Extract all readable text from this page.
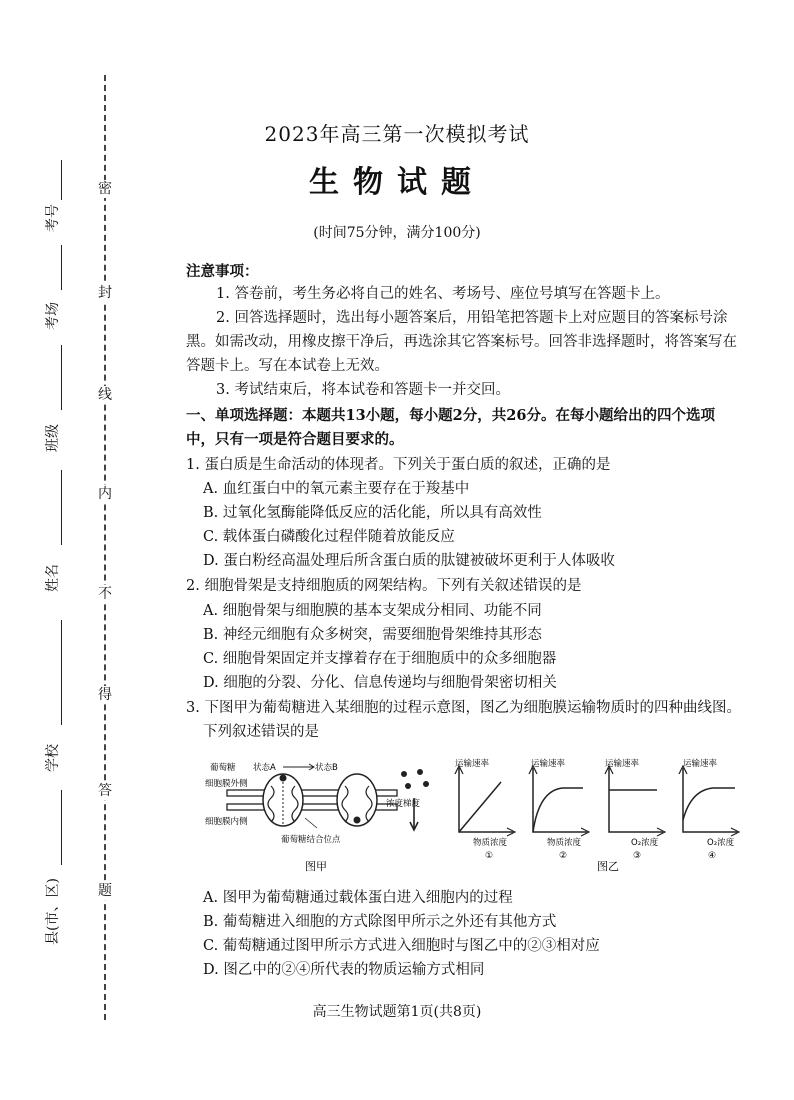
密
封
线
内
不
得
答
题
考号
考场
班级
姓名
学校
县(市、区)
2023年高三第一次模拟考试
生物试题
(时间75分钟，满分100分)
注意事项：
1. 答卷前，考生务必将自己的姓名、考场号、座位号填写在答题卡上。
2. 回答选择题时，选出每小题答案后，用铅笔把答题卡上对应题目的答案标号涂
黑。如需改动，用橡皮擦干净后，再选涂其它答案标号。回答非选择题时，将答案写在
答题卡上。写在本试卷上无效。
3. 考试结束后，将本试卷和答题卡一并交回。
一、单项选择题：本题共13小题，每小题2分，共26分。在每小题给出的四个选项
中，只有一项是符合题目要求的。
1. 蛋白质是生命活动的体现者。下列关于蛋白质的叙述，正确的是
A. 血红蛋白中的氧元素主要存在于羧基中
B. 过氧化氢酶能降低反应的活化能，所以具有高效性
C. 载体蛋白磷酸化过程伴随着放能反应
D. 蛋白粉经高温处理后所含蛋白质的肽键被破坏更利于人体吸收
2. 细胞骨架是支持细胞质的网架结构。下列有关叙述错误的是
A. 细胞骨架与细胞膜的基本支架成分相同、功能不同
B. 神经元细胞有众多树突，需要细胞骨架维持其形态
C. 细胞骨架固定并支撑着存在于细胞质中的众多细胞器
D. 细胞的分裂、分化、信息传递均与细胞骨架密切相关
3. 下图甲为葡萄糖进入某细胞的过程示意图，图乙为细胞膜运输物质时的四种曲线图。
下列叙述错误的是
葡萄糖 状态A	状态B
细胞膜外侧
细胞膜内侧
浓度梯度
葡萄糖结合位点
图甲
运输速率
物质浓度
①
运输速率
物质浓度
②
运输速率
O₂浓度
③
运输速率
O₂浓度
④
图乙
A. 图甲为葡萄糖通过载体蛋白进入细胞内的过程
B. 葡萄糖进入细胞的方式除图甲所示之外还有其他方式
C. 葡萄糖通过图甲所示方式进入细胞时与图乙中的②③相对应
D. 图乙中的②④所代表的物质运输方式相同
高三生物试题第1页(共8页)
